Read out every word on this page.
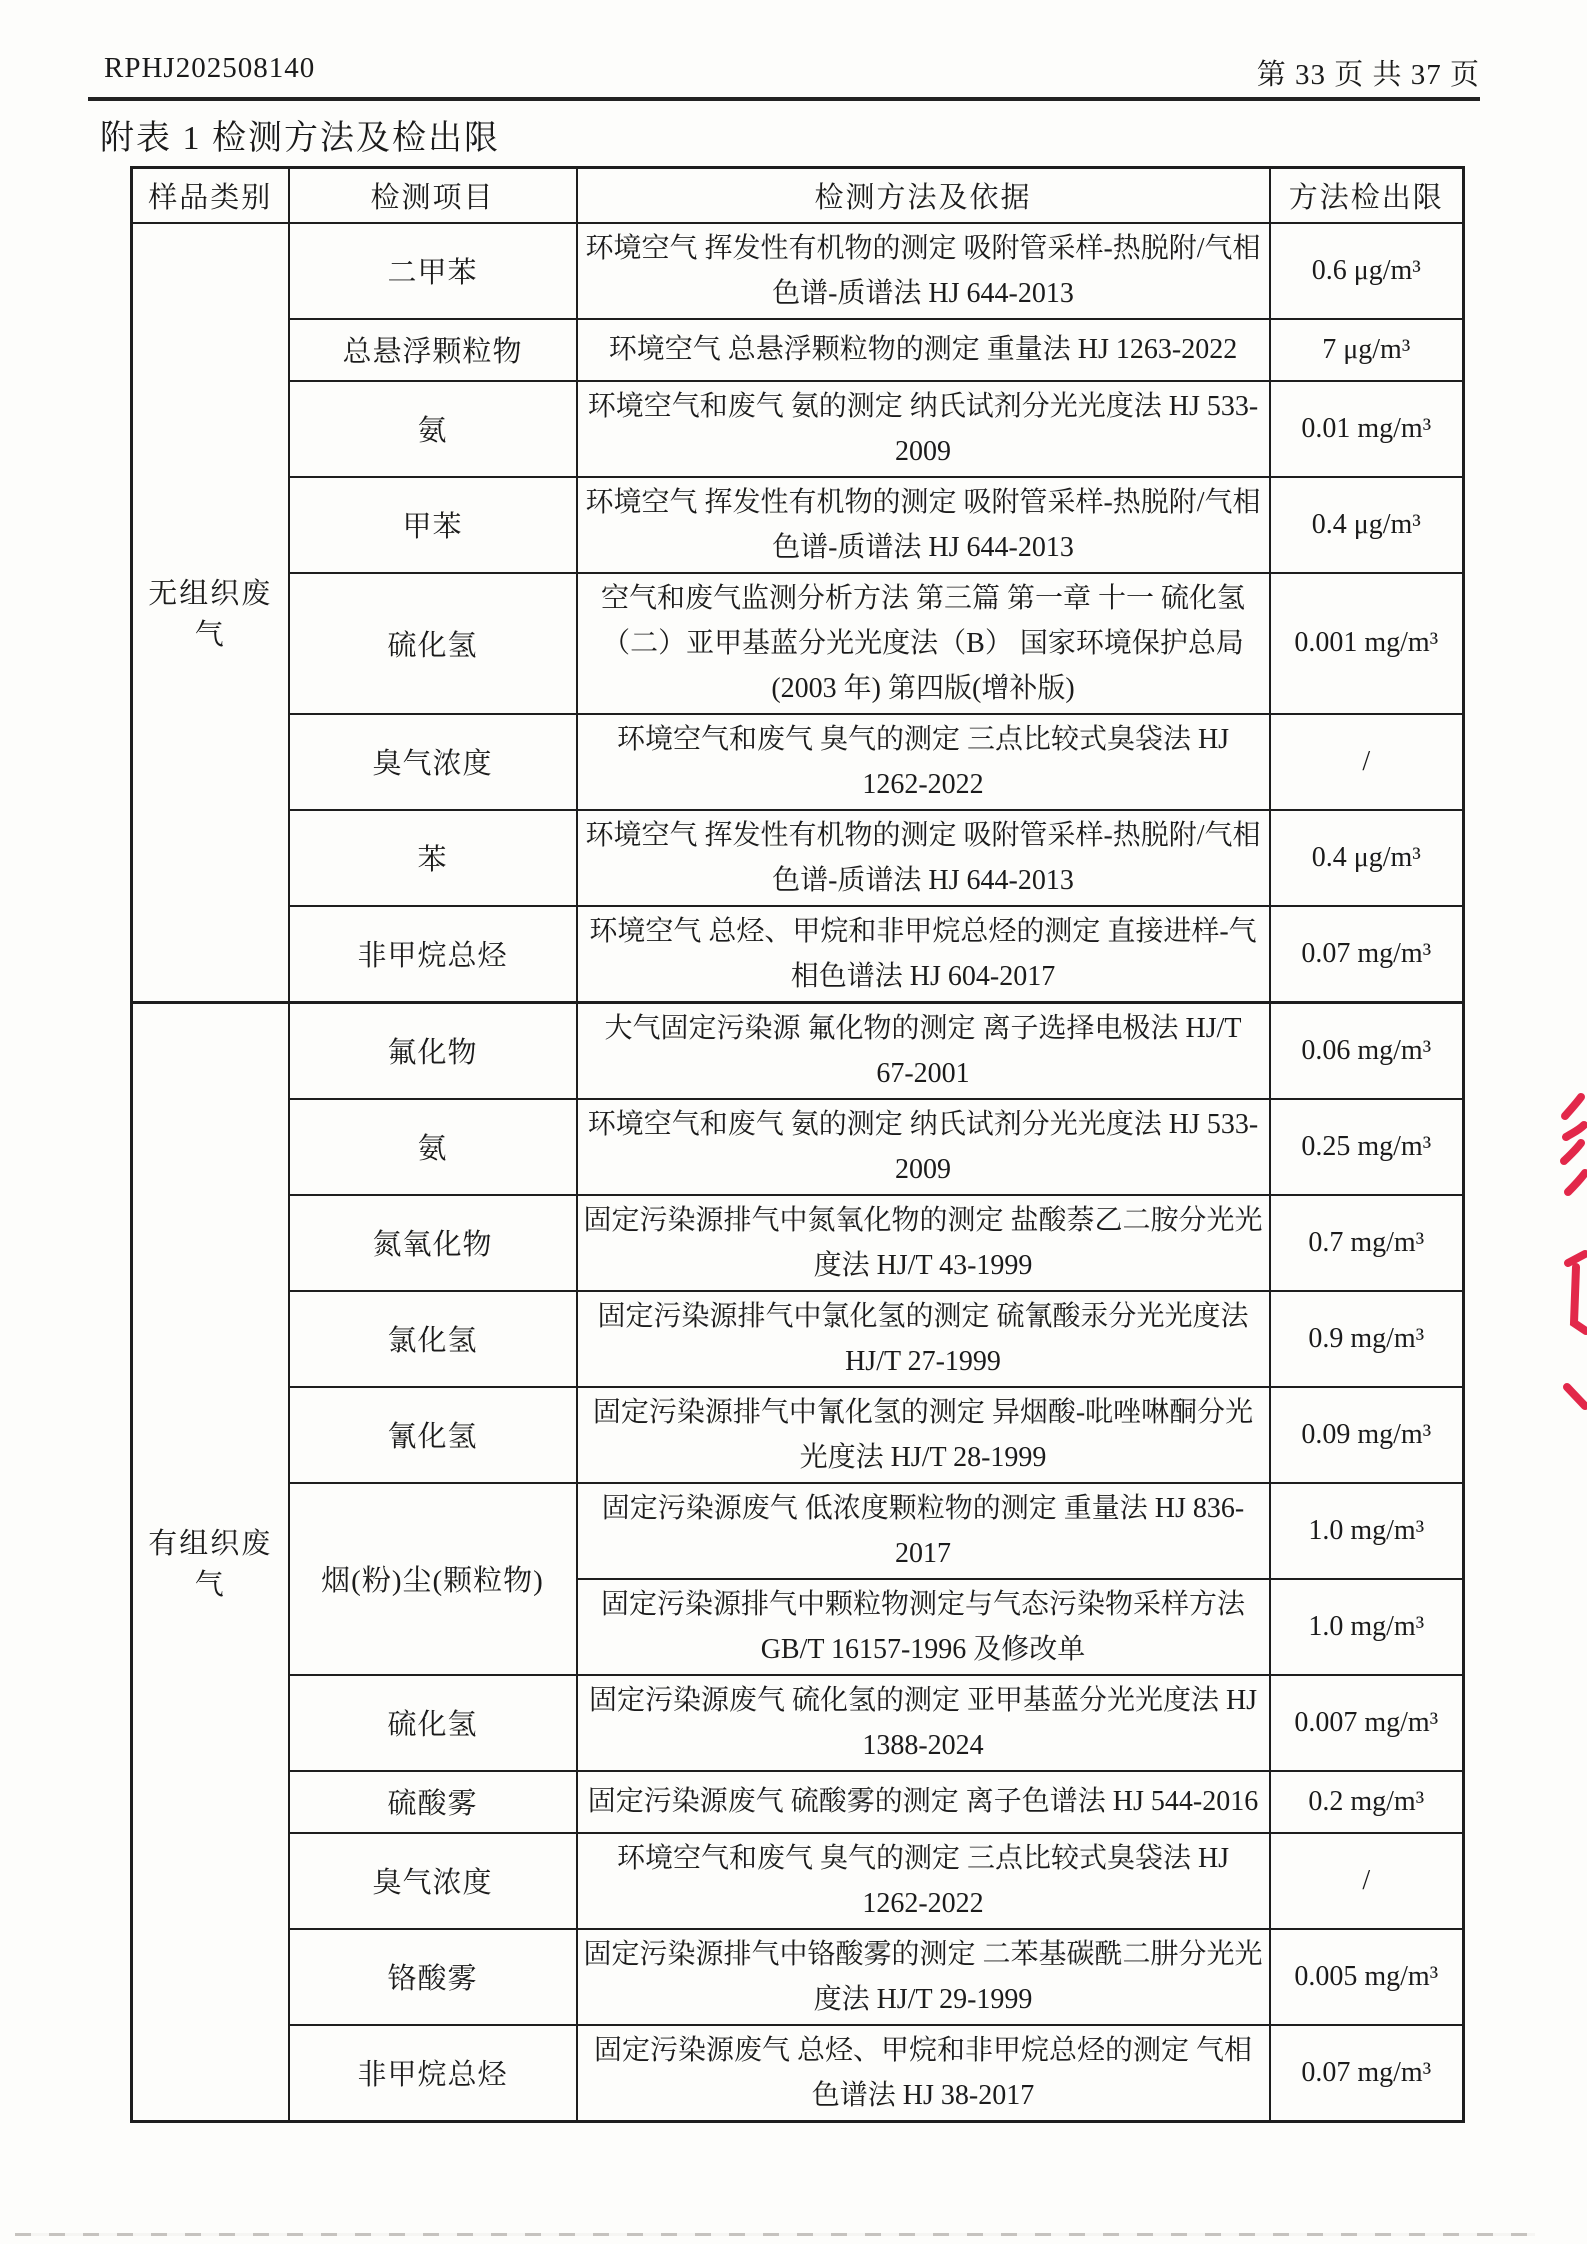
RPHJ202508140	第 33 页 共 37 页
附表 1 检测方法及检出限
样品类别	检测项目	检测方法及依据	方法检出限
无组织废气	二甲苯	环境空气 挥发性有机物的测定 吸附管采样-热脱附/气相色谱-质谱法 HJ 644-2013	0.6 μg/m³
	总悬浮颗粒物	环境空气 总悬浮颗粒物的测定 重量法 HJ 1263-2022	7 μg/m³
	氨	环境空气和废气 氨的测定 纳氏试剂分光光度法 HJ 533-2009	0.01 mg/m³
	甲苯	环境空气 挥发性有机物的测定 吸附管采样-热脱附/气相色谱-质谱法 HJ 644-2013	0.4 μg/m³
	硫化氢	空气和废气监测分析方法 第三篇 第一章 十一 硫化氢（二）亚甲基蓝分光光度法（B） 国家环境保护总局(2003 年) 第四版(增补版)	0.001 mg/m³
	臭气浓度	环境空气和废气 臭气的测定 三点比较式臭袋法 HJ 1262-2022	/
	苯	环境空气 挥发性有机物的测定 吸附管采样-热脱附/气相色谱-质谱法 HJ 644-2013	0.4 μg/m³
	非甲烷总烃	环境空气 总烃、甲烷和非甲烷总烃的测定 直接进样-气相色谱法 HJ 604-2017	0.07 mg/m³
有组织废气	氟化物	大气固定污染源 氟化物的测定 离子选择电极法 HJ/T 67-2001	0.06 mg/m³
	氨	环境空气和废气 氨的测定 纳氏试剂分光光度法 HJ 533-2009	0.25 mg/m³
	氮氧化物	固定污染源排气中氮氧化物的测定 盐酸萘乙二胺分光光度法 HJ/T 43-1999	0.7 mg/m³
	氯化氢	固定污染源排气中氯化氢的测定 硫氰酸汞分光光度法 HJ/T 27-1999	0.9 mg/m³
	氰化氢	固定污染源排气中氰化氢的测定 异烟酸-吡唑啉酮分光光度法 HJ/T 28-1999	0.09 mg/m³
	烟(粉)尘(颗粒物)	固定污染源废气 低浓度颗粒物的测定 重量法 HJ 836-2017	1.0 mg/m³
		固定污染源排气中颗粒物测定与气态污染物采样方法 GB/T 16157-1996 及修改单	1.0 mg/m³
	硫化氢	固定污染源废气 硫化氢的测定 亚甲基蓝分光光度法 HJ 1388-2024	0.007 mg/m³
	硫酸雾	固定污染源废气 硫酸雾的测定 离子色谱法 HJ 544-2016	0.2 mg/m³
	臭气浓度	环境空气和废气 臭气的测定 三点比较式臭袋法 HJ 1262-2022	/
	铬酸雾	固定污染源排气中铬酸雾的测定 二苯基碳酰二肼分光光度法 HJ/T 29-1999	0.005 mg/m³
	非甲烷总烃	固定污染源废气 总烃、甲烷和非甲烷总烃的测定 气相色谱法 HJ 38-2017	0.07 mg/m³
